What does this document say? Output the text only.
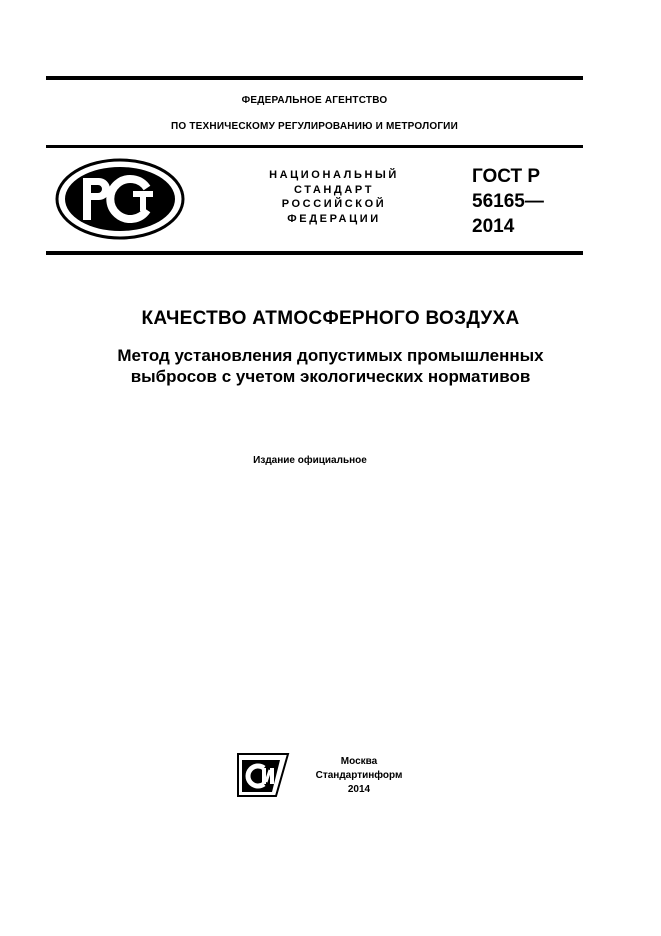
ФЕДЕРАЛЬНОЕ АГЕНТСТВО
ПО ТЕХНИЧЕСКОМУ РЕГУЛИРОВАНИЮ И МЕТРОЛОГИИ
НАЦИОНАЛЬНЫЙ
СТАНДАРТ
РОССИЙСКОЙ
ФЕДЕРАЦИИ
ГОСТ Р
56165—
2014
КАЧЕСТВО АТМОСФЕРНОГО ВОЗДУХА
Метод установления допустимых промышленных
выбросов с учетом экологических нормативов
Издание официальное
Москва
Стандартинформ
2014
